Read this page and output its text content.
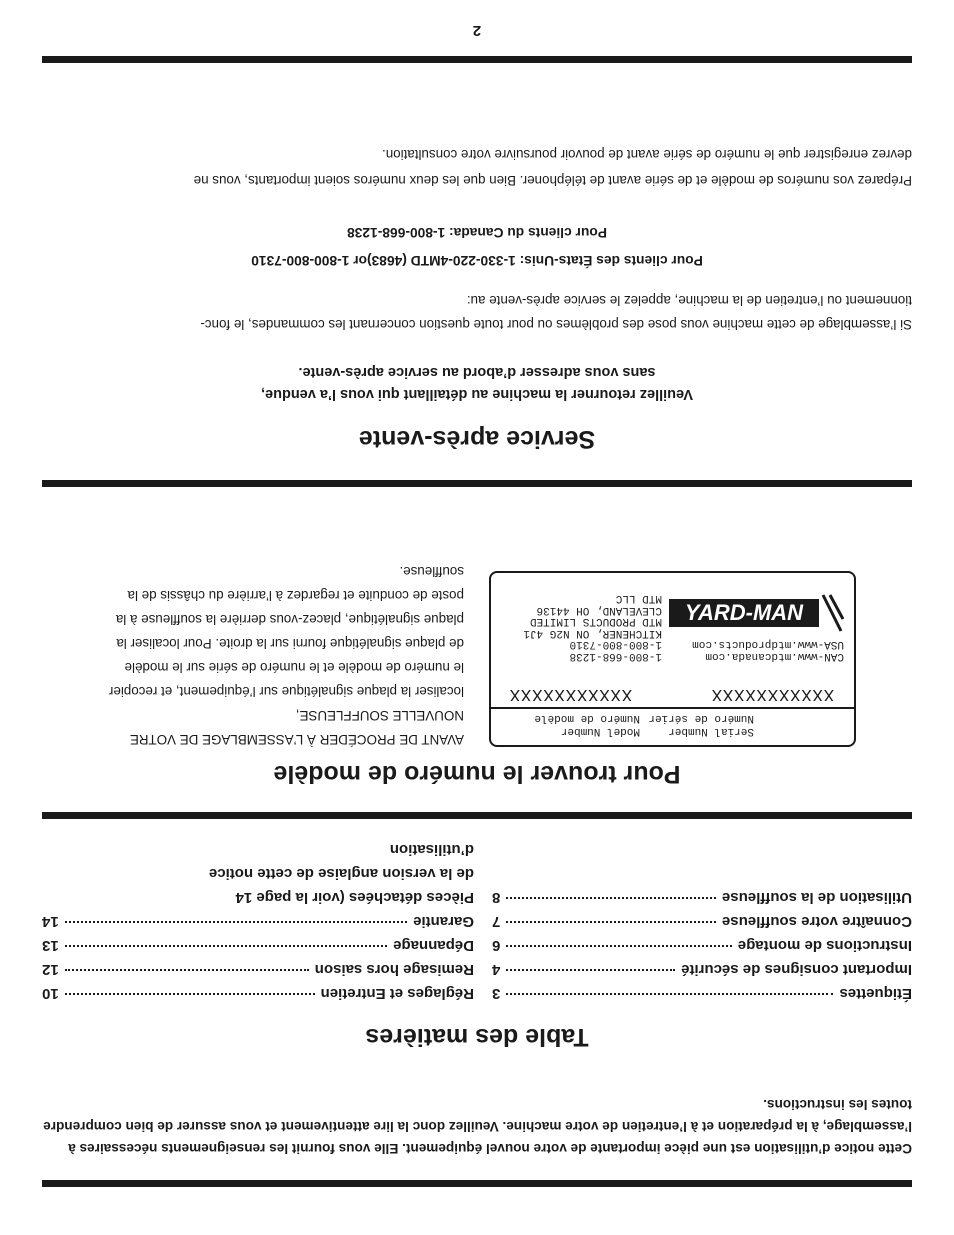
Cette notice d’utilisation est une pièce importante de votre nouvel équipement. Elle vous fournit les renseignements nécessaires à l’assemblage, à la préparation et à l’entretien de votre machine. Veuillez donc la lire attentivement et vous assurer de bien comprendre toutes les instructions.
Table des matières
Étiquettes
3
Important consignes de sécurité
4
Instructions de montage
6
Connaître votre souffleuse
7
Utilisation de la souffleuse
8
Réglages et Entretien
10
Remisage hors saison
12
Dépannage
13
Garantie
14
Pièces détachées (voir la page 14
de la version anglaise de cette notice
d’utilisation
Pour trouver le numéro de modèle
AVANT DE PROCÉDER À L’ASSEMBLAGE DE VOTRE
NOUVELLE SOUFFLEUSE,
localiser la plaque signalétique sur l’équipement, et recopier
le numéro de modèle et le numéro de série sur le modèle
de plaque signalétique fourni sur la droite. Pour localiser la
plaque signalétique, placez-vous derrière la souffleuse à la
poste de conduite et regardez à l’arrière du châssis de la
souffleuse.
Serial Number
Numéro de sérier
Model Number
Numéro de modèle
XXXXXXXXXXX
XXXXXXXXXXX
1-800-668-1238
1-800-800-7310
KITCHENER, ON N2G 4J1
MTD PRODUCTS LIMITED
CLEVELAND, OH 44136
MTD LLC
CAN-www.mtdcanada.com
USA-www.mtdproducts.com
YARD-MAN
Service après-vente
Veuillez retourner la machine au détaillant qui vous l’a vendue,
sans vous adresser d’abord au service après-vente.
Si l’assemblage de cette machine vous pose des problèmes ou pour toute question concernant les commandes, le fonc-
tionnement ou l’entretien de la machine, appelez le service après-vente au:
Pour clients des États-Unis: 1-330-220-4MTD (4683)or 1-800-800-7310
Pour clients du Canada: 1-800-668-1238
Préparez vos numéros de modèle et de série avant de téléphoner. Bien que les deux numéros soient importants, vous ne
devrez enregistrer que le numéro de série avant de pouvoir poursuivre votre consultation.
2
